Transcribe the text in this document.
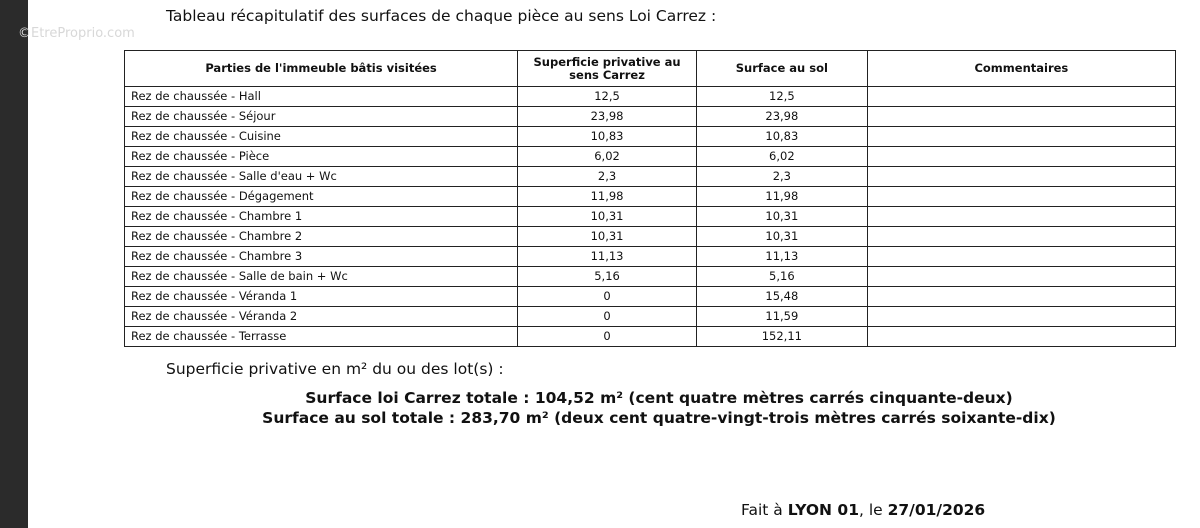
Tableau récapitulatif des surfaces de chaque pièce au sens Loi Carrez :
Parties de l'immeuble bâtis visitées	Superficie privative au sens Carrez	Surface au sol	Commentaires
Rez de chaussée - Hall	12,5	12,5	
Rez de chaussée - Séjour	23,98	23,98	
Rez de chaussée - Cuisine	10,83	10,83	
Rez de chaussée - Pièce	6,02	6,02	
Rez de chaussée - Salle d'eau + Wc	2,3	2,3	
Rez de chaussée - Dégagement	11,98	11,98	
Rez de chaussée - Chambre 1	10,31	10,31	
Rez de chaussée - Chambre 2	10,31	10,31	
Rez de chaussée - Chambre 3	11,13	11,13	
Rez de chaussée - Salle de bain + Wc	5,16	5,16	
Rez de chaussée - Véranda 1	0	15,48	
Rez de chaussée - Véranda 2	0	11,59	
Rez de chaussée - Terrasse	0	152,11	
Superficie privative en m² du ou des lot(s) :
Surface loi Carrez totale : 104,52 m² (cent quatre mètres carrés cinquante-deux)
Surface au sol totale : 283,70 m² (deux cent quatre-vingt-trois mètres carrés soixante-dix)
Fait à LYON 01, le 27/01/2026
©EtreProprio.com
